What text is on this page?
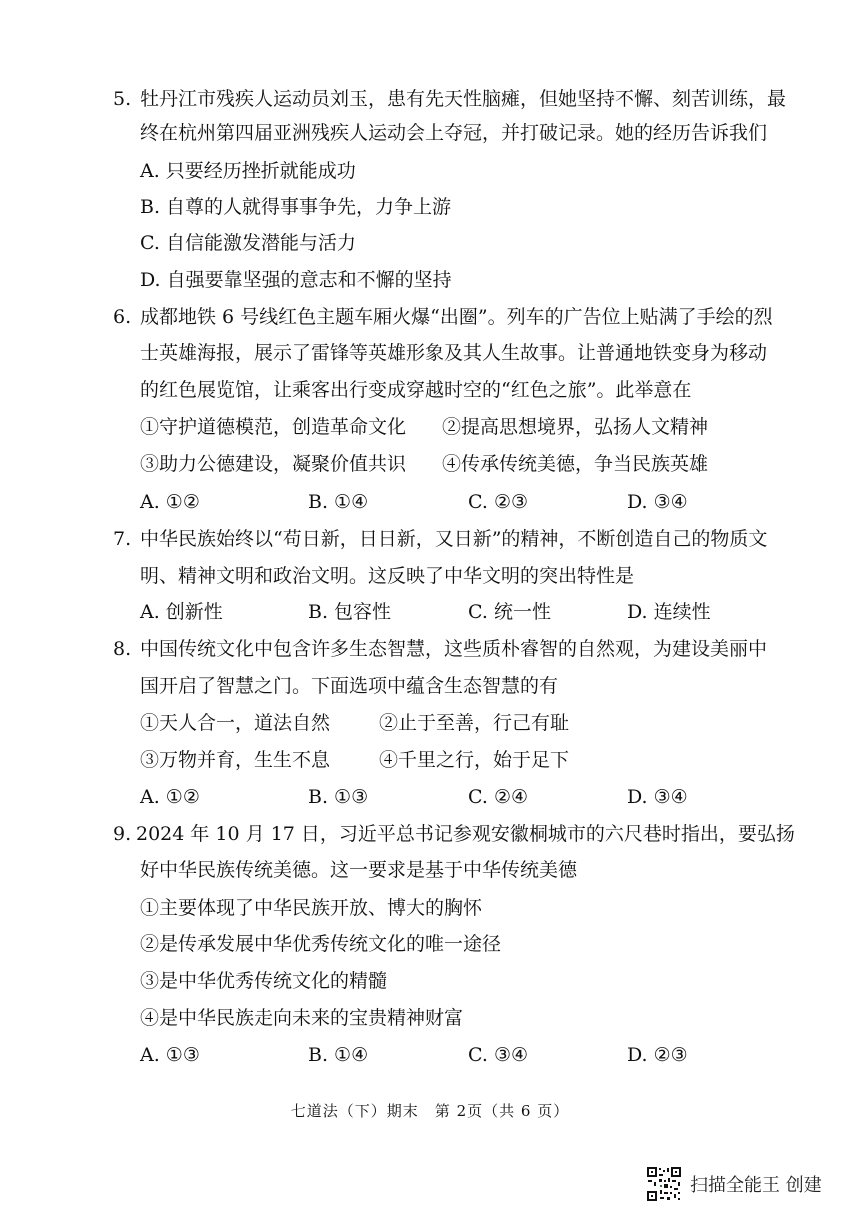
5. 牡丹江市残疾人运动员刘玉，患有先天性脑瘫，但她坚持不懈、刻苦训练，最
终在杭州第四届亚洲残疾人运动会上夺冠，并打破记录。她的经历告诉我们
A. 只要经历挫折就能成功
B. 自尊的人就得事事争先，力争上游
C. 自信能激发潜能与活力
D. 自强要靠坚强的意志和不懈的坚持
6. 成都地铁 6 号线红色主题车厢火爆“出圈”。列车的广告位上贴满了手绘的烈
士英雄海报，展示了雷锋等英雄形象及其人生故事。让普通地铁变身为移动
的红色展览馆，让乘客出行变成穿越时空的“红色之旅”。此举意在
①守护道德模范，创造革命文化 ②提高思想境界，弘扬人文精神
③助力公德建设，凝聚价值共识 ④传承传统美德，争当民族英雄
A. ①②	B. ①④	C. ②③	D. ③④
7. 中华民族始终以“苟日新，日日新，又日新”的精神，不断创造自己的物质文
明、精神文明和政治文明。这反映了中华文明的突出特性是
A. 创新性	B. 包容性	C. 统一性	D. 连续性
8. 中国传统文化中包含许多生态智慧，这些质朴睿智的自然观，为建设美丽中
国开启了智慧之门。下面选项中蕴含生态智慧的有
①天人合一，道法自然	②止于至善，行己有耻
③万物并育，生生不息	④千里之行，始于足下
A. ①②	B. ①③	C. ②④	D. ③④
9. 2024 年 10 月 17 日，习近平总书记参观安徽桐城市的六尺巷时指出，要弘扬
好中华民族传统美德。这一要求是基于中华传统美德
①主要体现了中华民族开放、博大的胸怀
②是传承发展中华优秀传统文化的唯一途径
③是中华优秀传统文化的精髓
④是中华民族走向未来的宝贵精神财富
A. ①③	B. ①④	C. ③④	D. ②③
七道法（下）期末　第 2页（共 6 页）
扫描全能王 创建
